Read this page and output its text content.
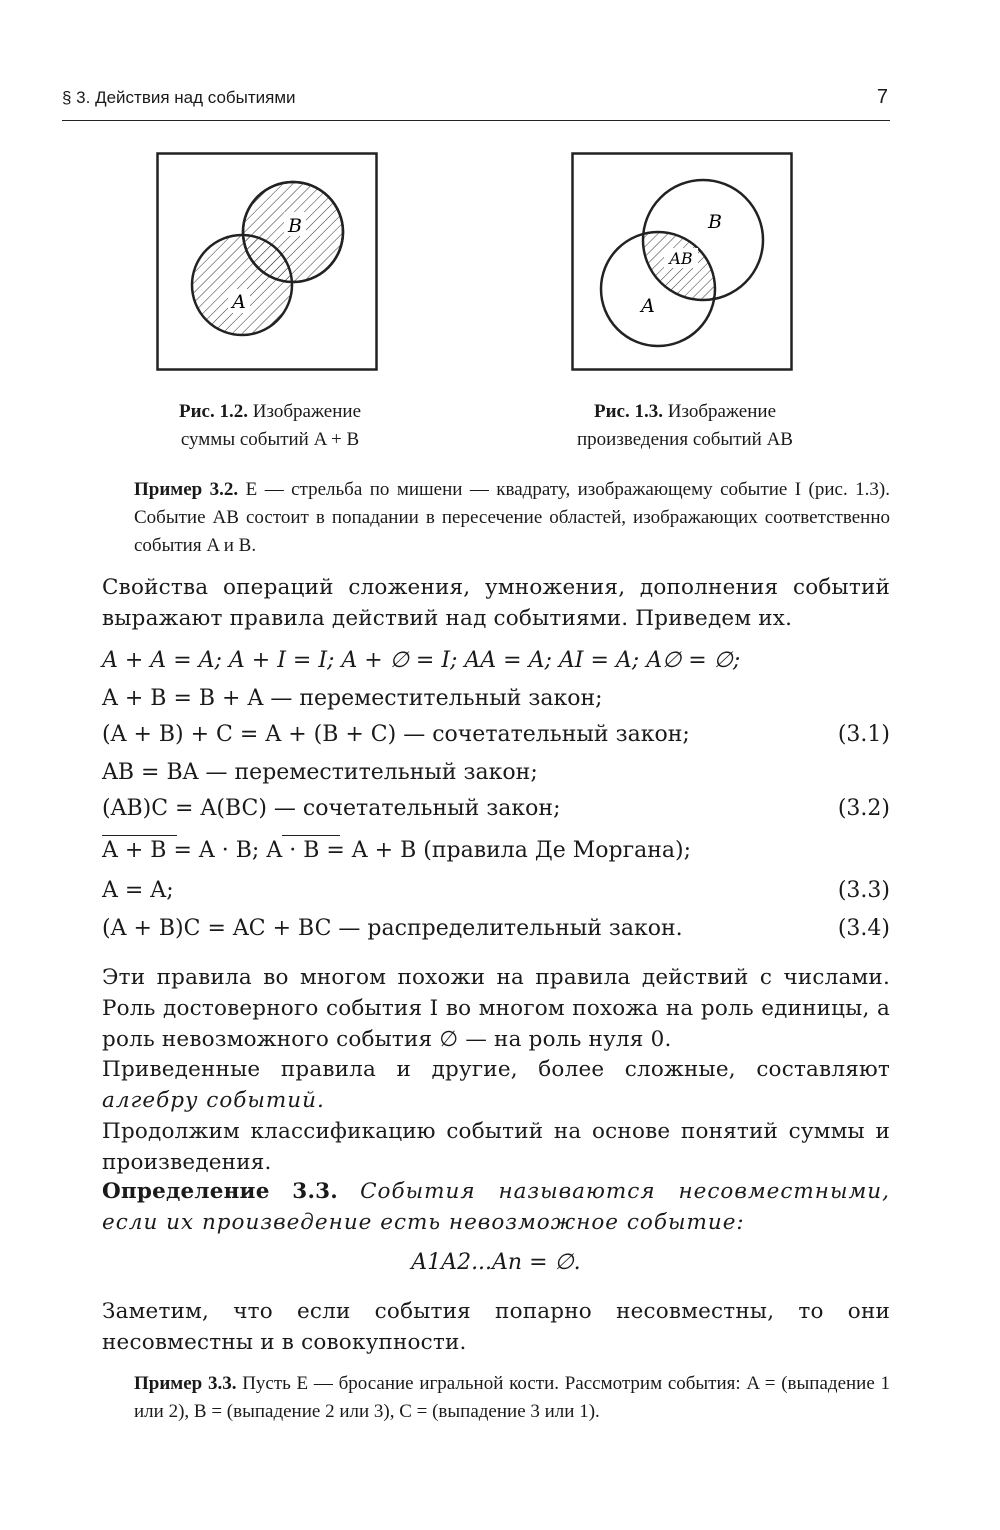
§ 3. Действия над событиями	7
B
A
B
AB
A
Рис. 1.2. Изображение
суммы событий A + B
Рис. 1.3. Изображение
произведения событий AB
Пример 3.2. E — стрельба по мишени — квадрату, изображающему событие I (рис. 1.3). Событие AB состоит в попадании в пересечение областей, изображающих соответственно события A и B.
Свойства операций сложения, умножения, дополнения событий выражают правила действий над событиями. Приведем их.
A + A = A; A + I = I; A + ∅ = I; AA = A; AI = A; A∅ = ∅;
A + B = B + A — переместительный закон;
(A + B) + C = A + (B + C) — сочетательный закон;	(3.1)
AB = BA — переместительный закон;
(AB)C = A(BC) — сочетательный закон;	(3.2)
A + B = A · B; A · B = A + B (правила Де Моргана);
A = A;	(3.3)
(A + B)C = AC + BC — распределительный закон.	(3.4)
Эти правила во многом похожи на правила действий с числами. Роль достоверного события I во многом похожа на роль единицы, а роль невозможного события ∅ — на роль нуля 0.
Приведенные правила и другие, более сложные, составляют алгебру событий.
Продолжим классификацию событий на основе понятий суммы и произведения.
Определение 3.3. События называются несовместными, если их произведение есть невозможное событие:
A1A2...An = ∅.
Заметим, что если события попарно несовместны, то они несовместны и в совокупности.
Пример 3.3. Пусть E — бросание игральной кости. Рассмотрим события: A = (выпадение 1 или 2), B = (выпадение 2 или 3), C = (выпадение 3 или 1).
